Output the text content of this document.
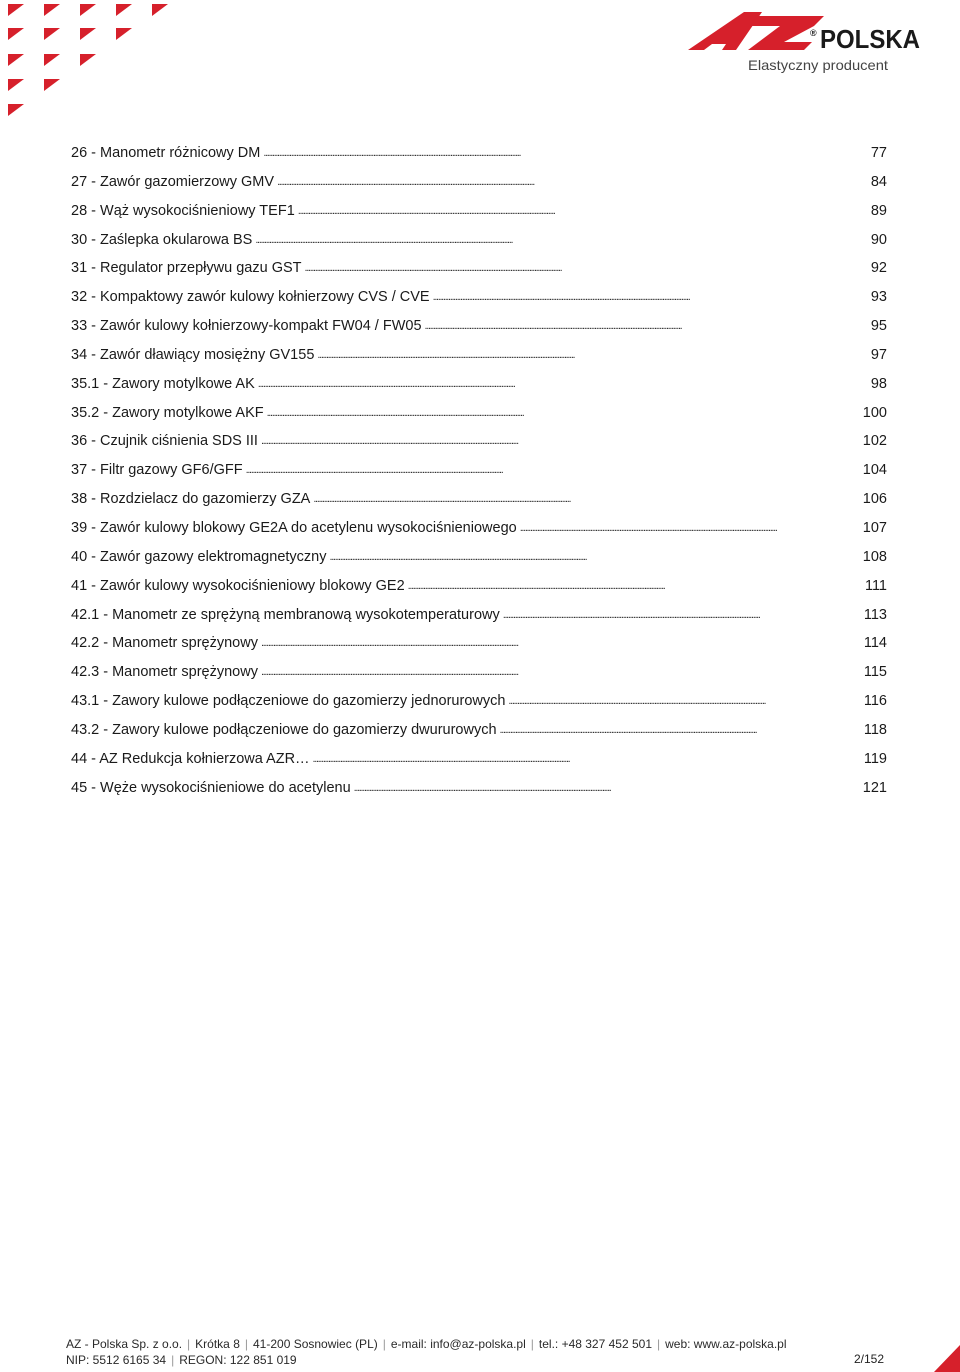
® POLSKA
Elastyczny producent
26 - Manometr różnicowy DM . . .	77
27 - Zawór gazomierzowy GMV . . .	84
28 - Wąż wysokociśnieniowy TEF1 . . .	89
30 - Zaślepka okularowa BS . . .	90
31 - Regulator przepływu gazu GST . . .	92
32 - Kompaktowy zawór kulowy kołnierzowy CVS / CVE . . .	93
33 - Zawór kulowy kołnierzowy-kompakt FW04 / FW05 . . .	95
34 - Zawór dławiący mosiężny GV155 . . .	97
35.1 - Zawory motylkowe AK . . .	98
35.2 - Zawory motylkowe AKF . . .	100
36 - Czujnik ciśnienia SDS III . . .	102
37 - Filtr gazowy GF6/GFF . . .	104
38 - Rozdzielacz do gazomierzy GZA . . .	106
39 - Zawór kulowy blokowy GE2A do acetylenu wysokociśnieniowego . . .	107
40 - Zawór gazowy elektromagnetyczny . . .	108
41 - Zawór kulowy wysokociśnieniowy blokowy GE2 . . .	111
42.1 - Manometr ze sprężyną membranową wysokotemperaturowy . . .	113
42.2 - Manometr sprężynowy . . .	114
42.3 - Manometr sprężynowy . . .	115
43.1 - Zawory kulowe podłączeniowe do gazomierzy jednorurowych . . .	116
43.2 - Zawory kulowe podłączeniowe do gazomierzy dwururowych . . .	118
44 - AZ Redukcja kołnierzowa AZR… . . .	119
45 - Węże wysokociśnieniowe do acetylenu . . .	121
AZ - Polska Sp. z o.o. | Krótka 8 | 41-200 Sosnowiec (PL) | e-mail: info@az-polska.pl | tel.: +48 327 452 501 | web: www.az-polska.pl
NIP: 5512 6165 34 | REGON: 122 851 019	2/152
